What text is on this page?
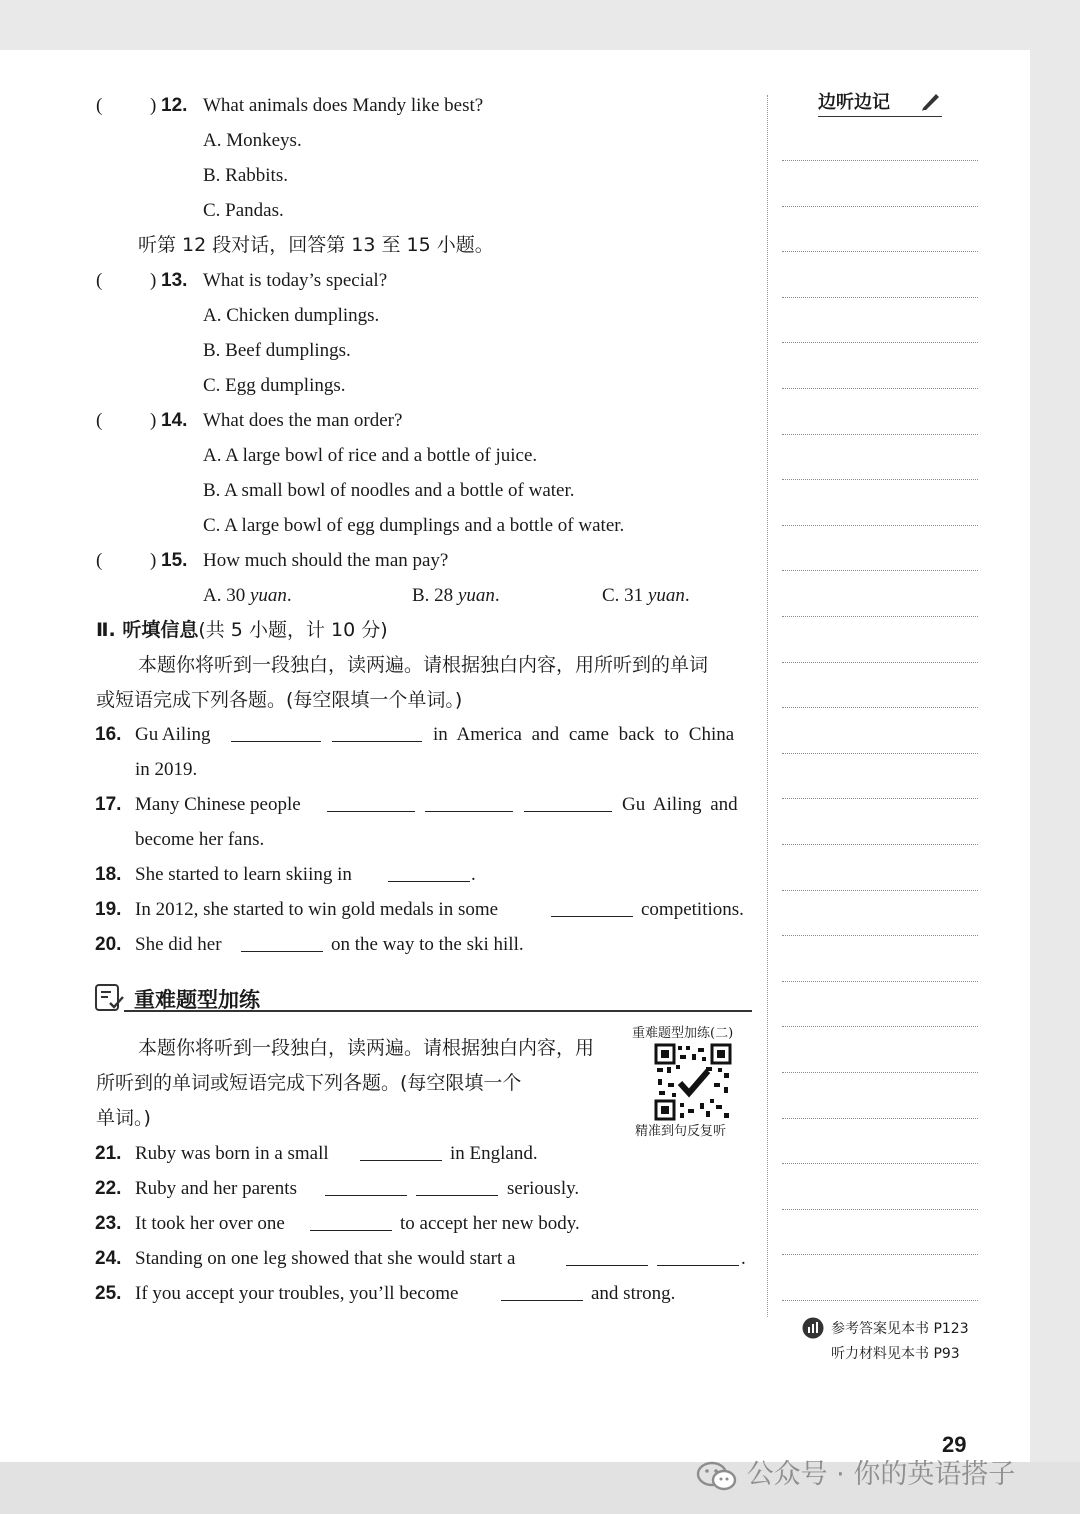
(	) 12. What animals does Mandy like best?
A. Monkeys.
B. Rabbits.
C. Pandas.
听第 12 段对话，回答第 13 至 15 小题。
(	) 13. What is today’s special?
A. Chicken dumplings.
B. Beef dumplings.
C. Egg dumplings.
(	) 14. What does the man order?
A. A large bowl of rice and a bottle of juice.
B. A small bowl of noodles and a bottle of water.
C. A large bowl of egg dumplings and a bottle of water.
(	) 15. How much should the man pay?
A. 30 yuan.	B. 28 yuan.	C. 31 yuan.
Ⅱ. 听填信息(共 5 小题，计 10 分)
本题你将听到一段独白，读两遍。请根据独白内容，用所听到的单词
或短语完成下列各题。(每空限填一个单词。)
16. Gu Ailing	in America and came back to China
in 2019.
17. Many Chinese people	Gu Ailing and
become her fans.
18. She started to learn skiing in	.
19. In 2012, she started to win gold medals in some	competitions.
20. She did her	on the way to the ski hill.
重难题型加练
本题你将听到一段独白，读两遍。请根据独白内容，用
所听到的单词或短语完成下列各题。(每空限填一个
单词。)
重难题型加练(二)
精准到句反复听
21. Ruby was born in a small	in England.
22. Ruby and her parents	seriously.
23. It took her over one	to accept her new body.
24. Standing on one leg showed that she would start a	.
25. If you accept your troubles, you’ll become	and strong.
边听边记
参考答案见本书 P123
听力材料见本书 P93
29
公众号 · 你的英语搭子
